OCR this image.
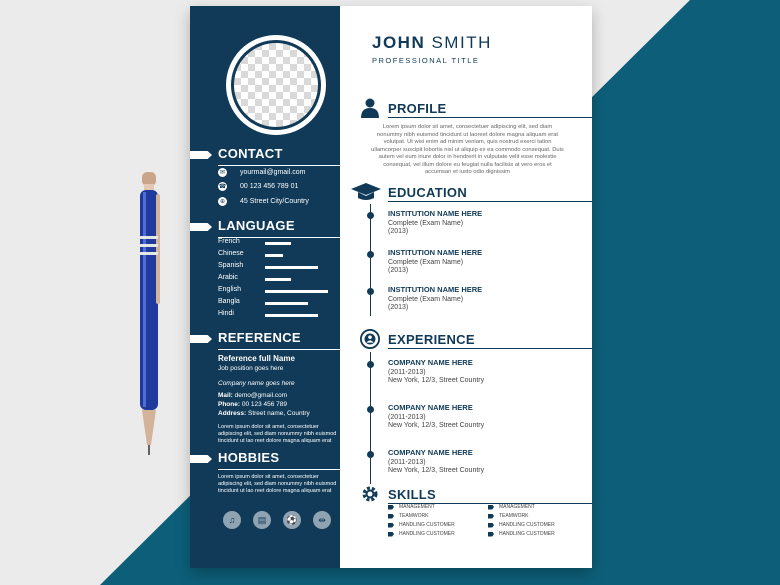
CONTACT
✉ yourmail@gmail.com
☎ 00 123 456 789 01
⊕ 45 Street City/Country
LANGUAGE
French
Chinese
Spanish
Arabic
English
Bangla
Hindi
REFERENCE
Reference full Name
Job position goes here
Company name goes here
Mail: demo@gmail.com
Phone: 00 123 456 789
Address: Street name, Country
Lorem ipsum dolor sit amet, consectetuer adipiscing elit, sed diam nonummy nibh euismod tincidunt ut lao reet dolore magna aliquam erat
HOBBIES
Lorem ipsum dolor sit amet, consectetuer adipiscing elit, sed diam nonummy nibh euismod tincidunt ut lao reet dolore magna aliquam erat
♫	▤	⚽	⇹
JOHN SMITH
PROFESSIONAL TITLE
PROFILE
Lorem ipsum dolor sit amet, consectetuer adipiscing elit, sed diam nonummy nibh euismod tincidunt ut laoreet dolore magna aliquam erat volutpat. Ut wisi enim ad minim veniam, quis nostrud exerci tation ullamcorper suscipit lobortis nisl ut aliquip ex ea commodo consequat. Duis autem vel eum iriure dolor in hendrerit in vulputate velit esse molestie consequat, vel illum dolore eu feugiat nulla facilisis at vero eros et accumsan et iusto odio dignissim
EDUCATION
INSTITUTION NAME HERE
Complete (Exam Name)
(2013)
INSTITUTION NAME HERE
Complete (Exam Name)
(2013)
INSTITUTION NAME HERE
Complete (Exam Name)
(2013)
EXPERIENCE
COMPANY NAME HERE
(2011-2013)
New York, 12/3, Street Country
COMPANY NAME HERE
(2011-2013)
New York, 12/3, Street Country
COMPANY NAME HERE
(2011-2013)
New York, 12/3, Street Country
SKILLS
MANAGEMENT
TEAMWORK
HANDLING CUSTOMER
HANDLING CUSTOMER
MANAGEMENT
TEAMWORK
HANDLING CUSTOMER
HANDLING CUSTOMER
